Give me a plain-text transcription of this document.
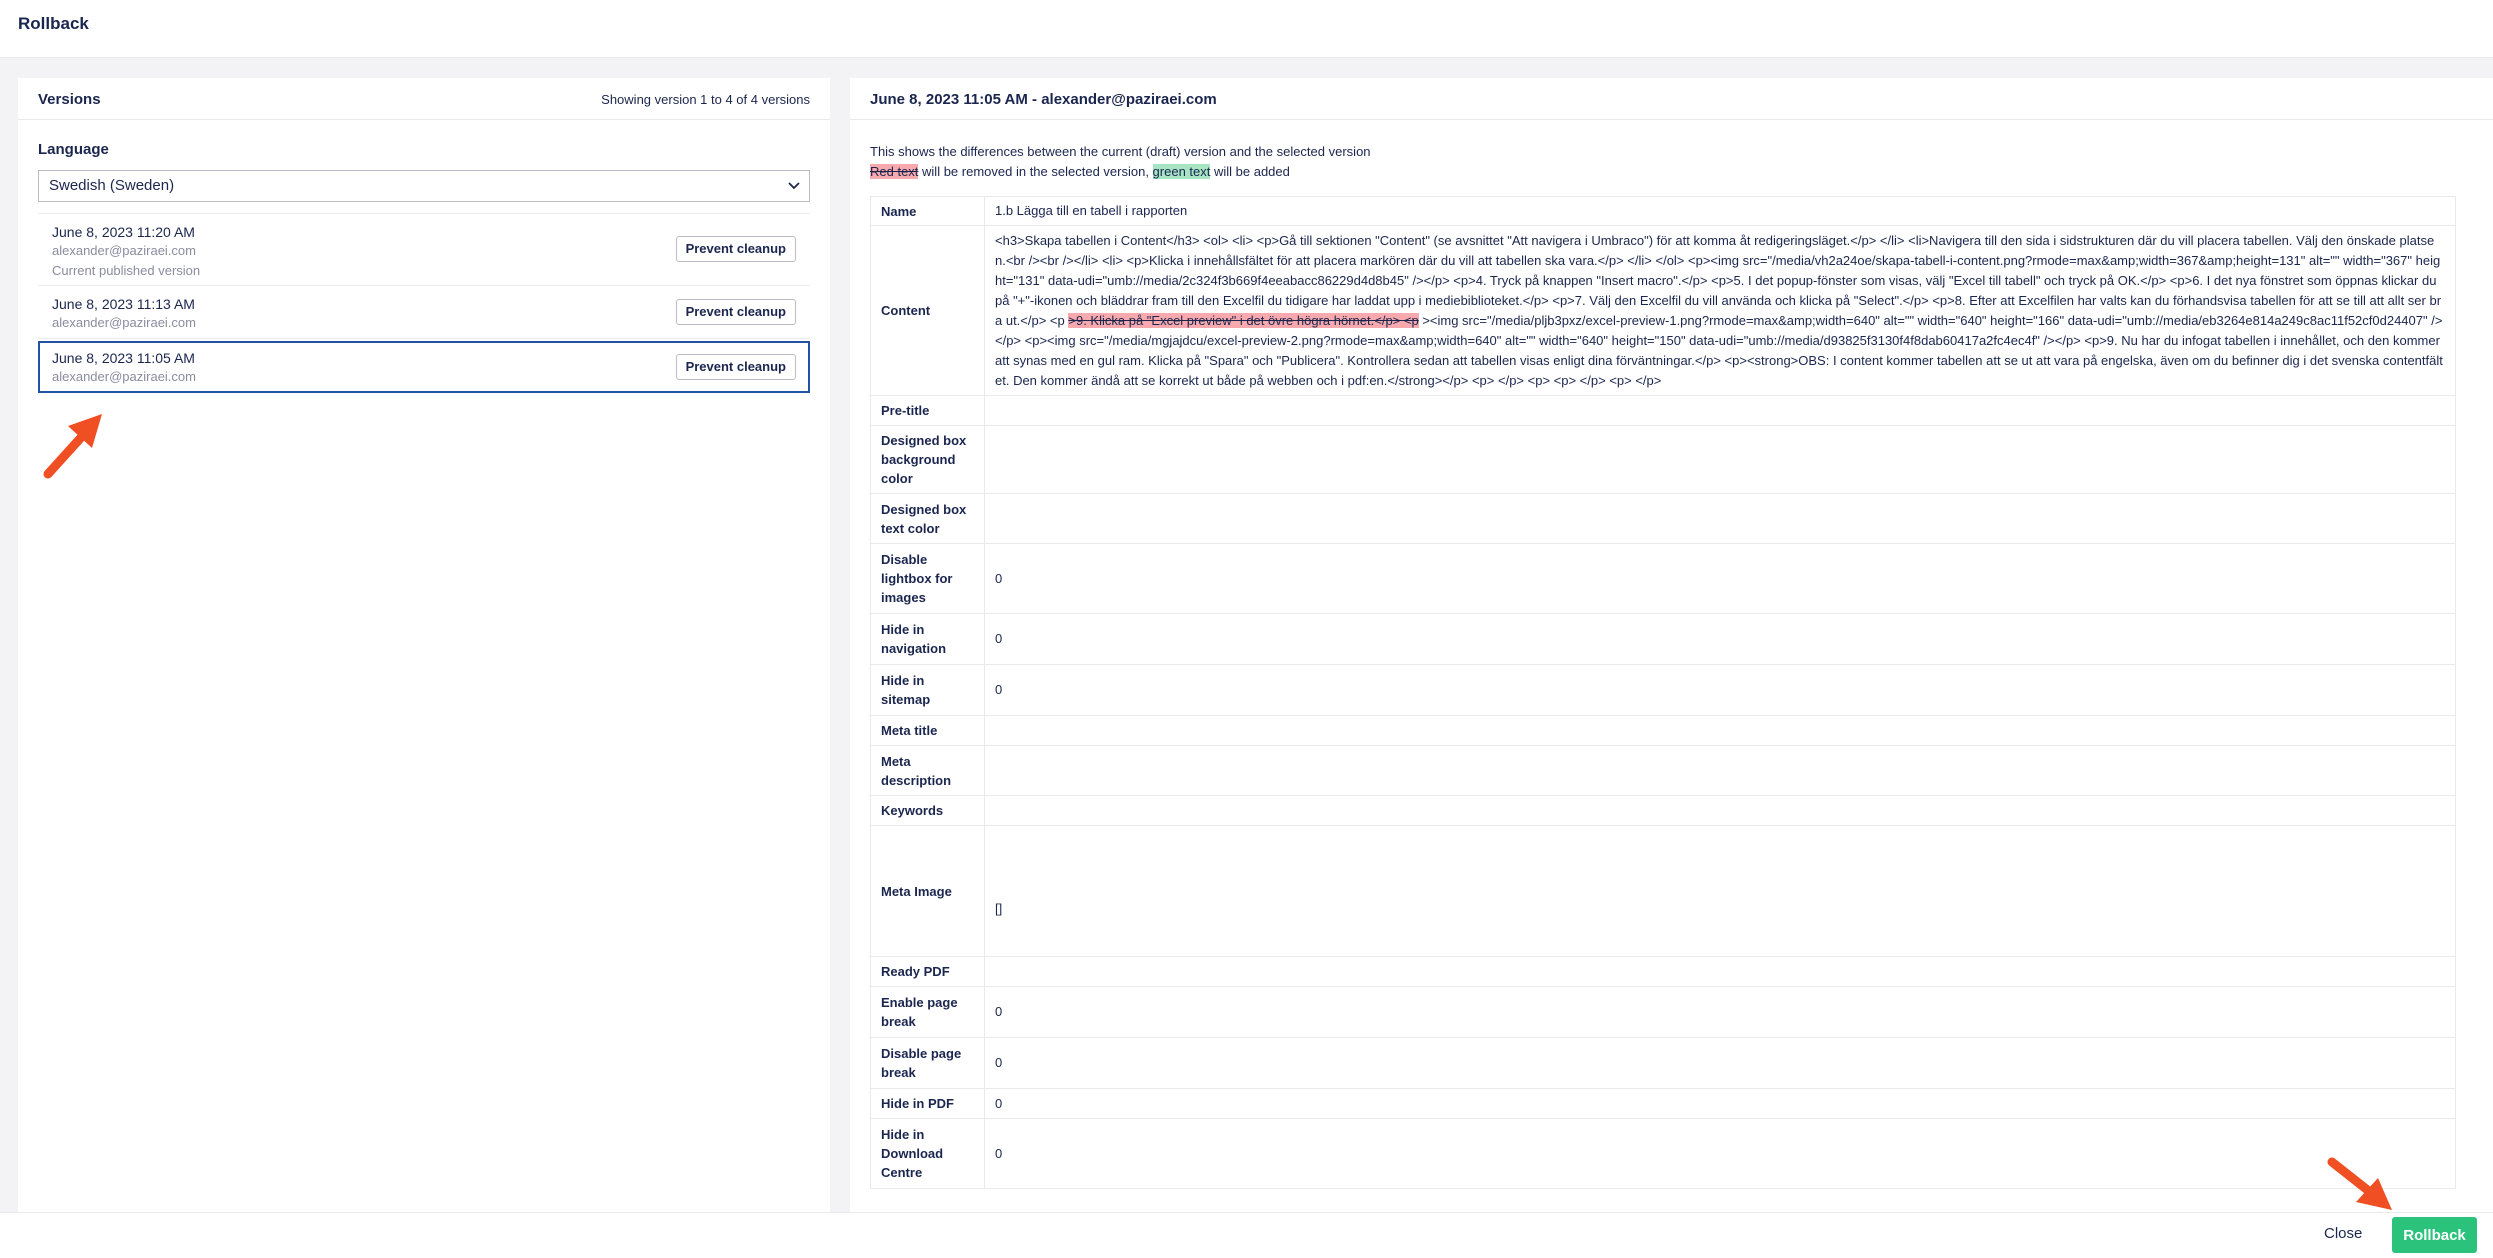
Rollback
Versions	Showing version 1 to 4 of 4 versions
Language
Swedish (Sweden)
June 8, 2023 11:20 AM
alexander@paziraei.com
Current published version
Prevent cleanup
June 8, 2023 11:13 AM
alexander@paziraei.com
Prevent cleanup
June 8, 2023 11:05 AM
alexander@paziraei.com
Prevent cleanup
June 8, 2023 11:05 AM - alexander@paziraei.com
This shows the differences between the current (draft) version and the selected version
Red text will be removed in the selected version, green text will be added
Name	1.b Lägga till en tabell i rapporten
Content	<h3>Skapa tabellen i Content</h3> <ol> <li> <p>Gå till sektionen "Content" (se avsnittet "Att navigera i Umbraco") för att komma åt redigeringsläget.</p> </li> <li>Navigera till den sida i sidstrukturen där du vill placera tabellen. Välj den önskade platsen.<br /><br /></li> <li> <p>Klicka i innehållsfältet för att placera markören där du vill att tabellen ska vara.</p> </li> </ol> <p><img src="/media/vh2a24oe/skapa-tabell-i-content.png?rmode=max&amp;width=367&amp;height=131" alt="" width="367" height="131" data-udi="umb://media/2c324f3b669f4eeabacc86229d4d8b45" /></p> <p>4. Tryck på knappen "Insert macro".</p> <p>5. I det popup-fönster som visas, välj "Excel till tabell" och tryck på OK.</p> <p>6. I det nya fönstret som öppnas klickar du på "+"-ikonen och bläddrar fram till den Excelfil du tidigare har laddat upp i mediebiblioteket.</p> <p>7. Välj den Excelfil du vill använda och klicka på "Select".</p> <p>8. Efter att Excelfilen har valts kan du förhandsvisa tabellen för att se till att allt ser bra ut.</p> <p >9. Klicka på "Excel preview" i det övre högra hörnet.</p> <p ><img src="/media/pljb3pxz/excel-preview-1.png?rmode=max&amp;width=640" alt="" width="640" height="166" data-udi="umb://media/eb3264e814a249c8ac11f52cf0d24407" /></p> <p><img src="/media/mgjajdcu/excel-preview-2.png?rmode=max&amp;width=640" alt="" width="640" height="150" data-udi="umb://media/d93825f3130f4f8dab60417a2fc4ec4f" /></p> <p>9. Nu har du infogat tabellen i innehållet, och den kommer att synas med en gul ram. Klicka på "Spara" och "Publicera". Kontrollera sedan att tabellen visas enligt dina förväntningar.</p> <p><strong>OBS: I content kommer tabellen att se ut att vara på engelska, även om du befinner dig i det svenska contentfältet. Den kommer ändå att se korrekt ut både på webben och i pdf:en.</strong></p> <p> </p> <p> <p> </p> <p> </p>
Pre-title	
Designed box background color	
Designed box text color	
Disable lightbox for images	0
Hide in navigation	0
Hide in sitemap	0
Meta title	
Meta description	
Keywords	
Meta Image	[]

Ready PDF	
Enable page break	0
Disable page break	0
Hide in PDF	0
Hide in Download Centre	0
Close	Rollback
